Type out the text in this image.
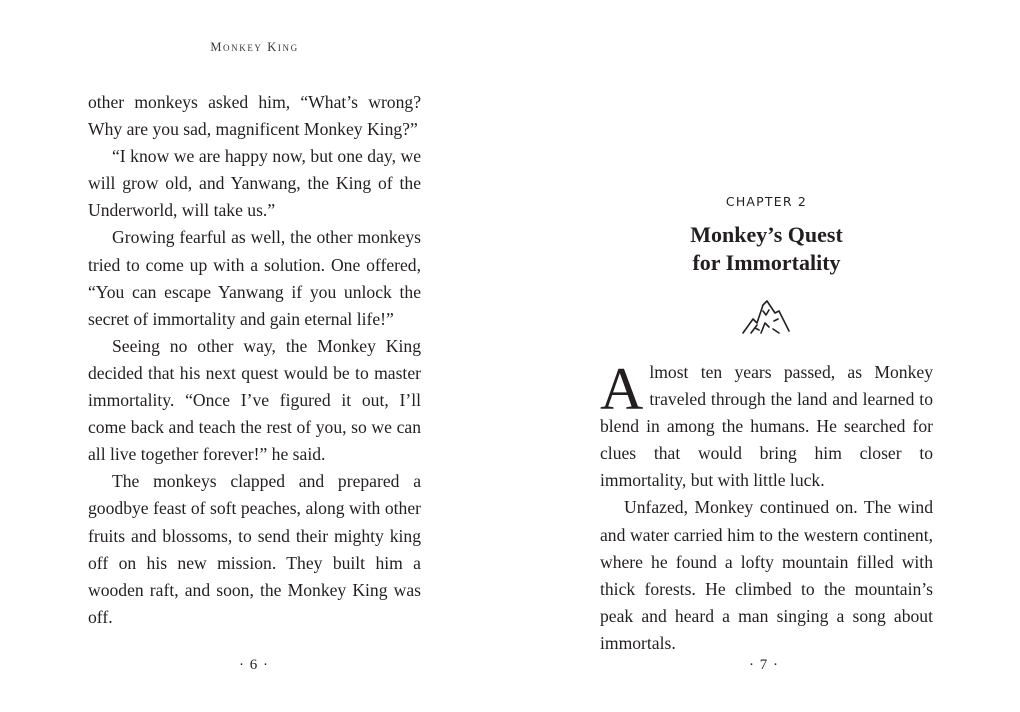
Monkey King

other monkeys asked him, “What’s wrong? Why are you sad, magnificent Monkey King?”

“I know we are happy now, but one day, we will grow old, and Yanwang, the King of the Underworld, will take us.”

Growing fearful as well, the other monkeys tried to come up with a solution. One offered, “You can escape Yanwang if you unlock the secret of immortality and gain eternal life!”

Seeing no other way, the Monkey King decided that his next quest would be to master immortality. “Once I’ve figured it out, I’ll come back and teach the rest of you, so we can all live together forever!” he said.

The monkeys clapped and prepared a goodbye feast of soft peaches, along with other fruits and blossoms, to send their mighty king off on his new mission. They built him a wooden raft, and soon, the Monkey King was off.

· 6 ·
CHAPTER 2
Monkey’s Quest
for Immortality

Almost ten years passed, as Monkey traveled through the land and learned to blend in among the humans. He searched for clues that would bring him closer to immortality, but with little luck.

Unfazed, Monkey continued on. The wind and water carried him to the western continent, where he found a lofty mountain filled with thick forests. He climbed to the mountain’s peak and heard a man singing a song about immortals.

· 7 ·
